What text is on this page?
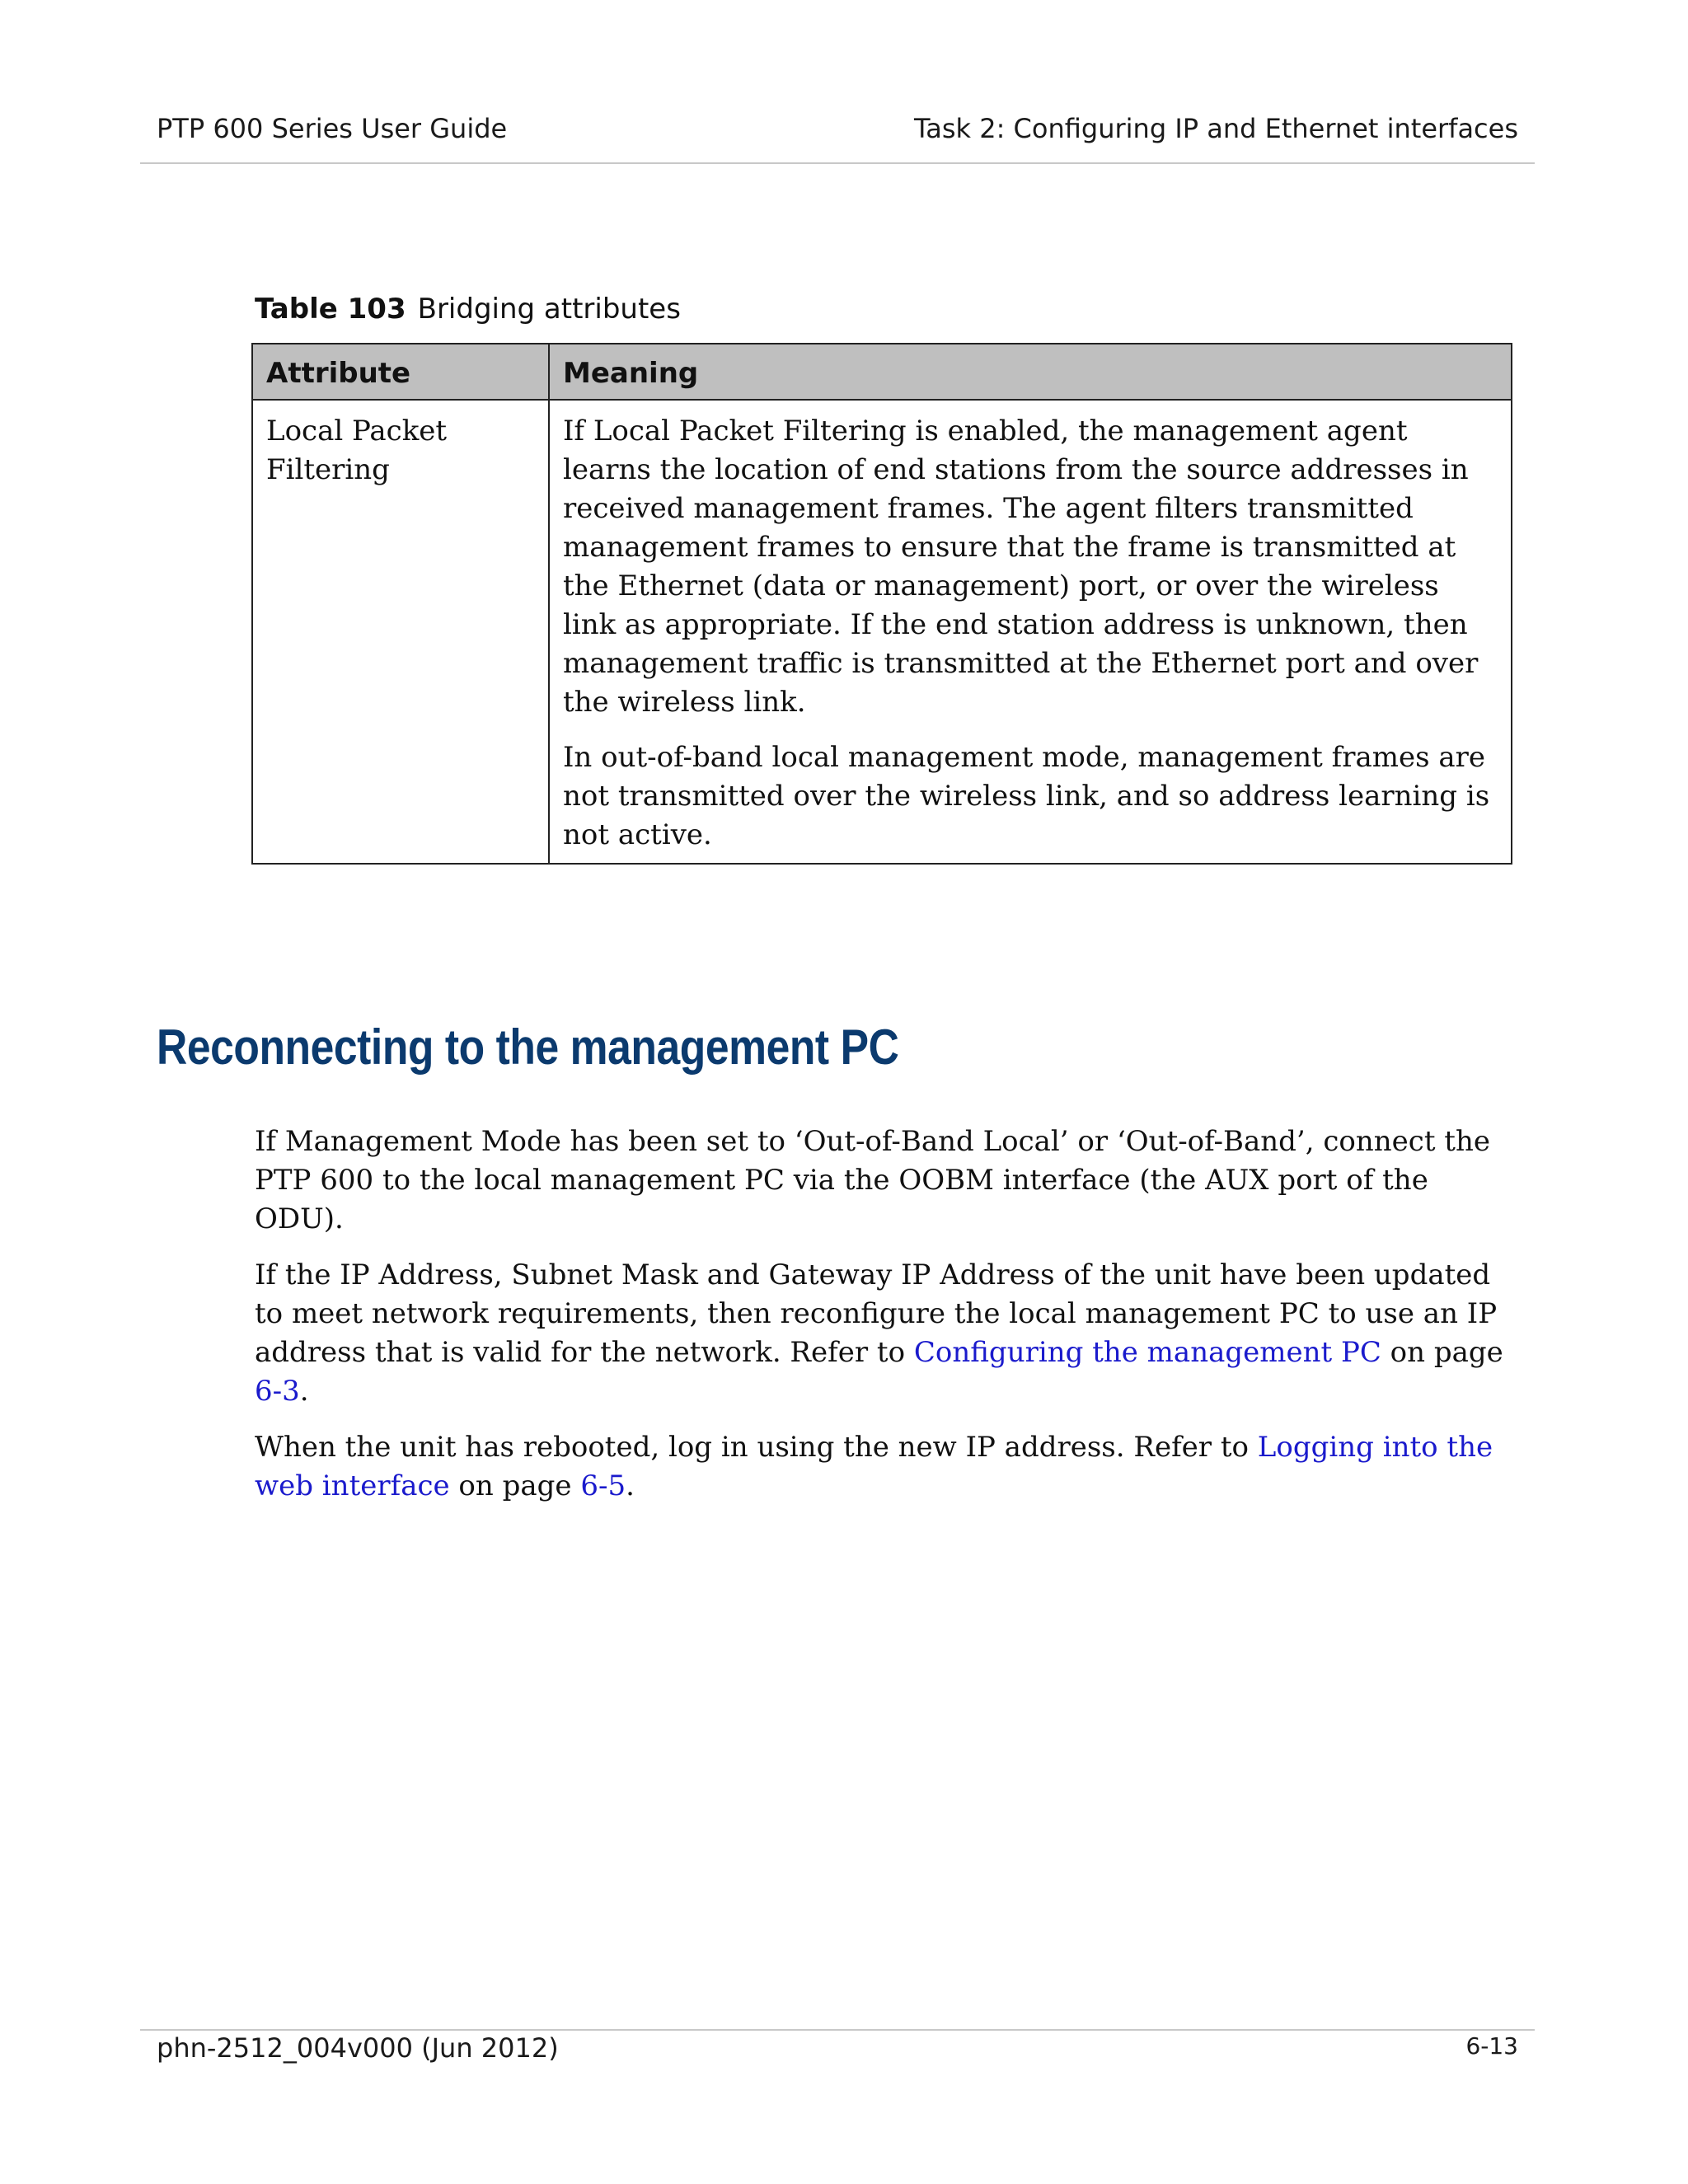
PTP 600 Series User Guide	Task 2: Configuring IP and Ethernet interfaces
Table 103 Bridging attributes
Attribute	Meaning
Local Packet Filtering	If Local Packet Filtering is enabled, the management agent learns the location of end stations from the source addresses in received management frames. The agent filters transmitted management frames to ensure that the frame is transmitted at the Ethernet (data or management) port, or over the wireless link as appropriate. If the end station address is unknown, then management traffic is transmitted at the Ethernet port and over the wireless link.

In out-of-band local management mode, management frames are not transmitted over the wireless link, and so address learning is not active.

Reconnecting to the management PC

If Management Mode has been set to ‘Out-of-Band Local’ or ‘Out-of-Band’, connect the PTP 600 to the local management PC via the OOBM interface (the AUX port of the ODU).

If the IP Address, Subnet Mask and Gateway IP Address of the unit have been updated to meet network requirements, then reconfigure the local management PC to use an IP address that is valid for the network. Refer to Configuring the management PC on page 6-3.

When the unit has rebooted, log in using the new IP address. Refer to Logging into the web interface on page 6-5.

phn-2512_004v000 (Jun 2012)	6-13
